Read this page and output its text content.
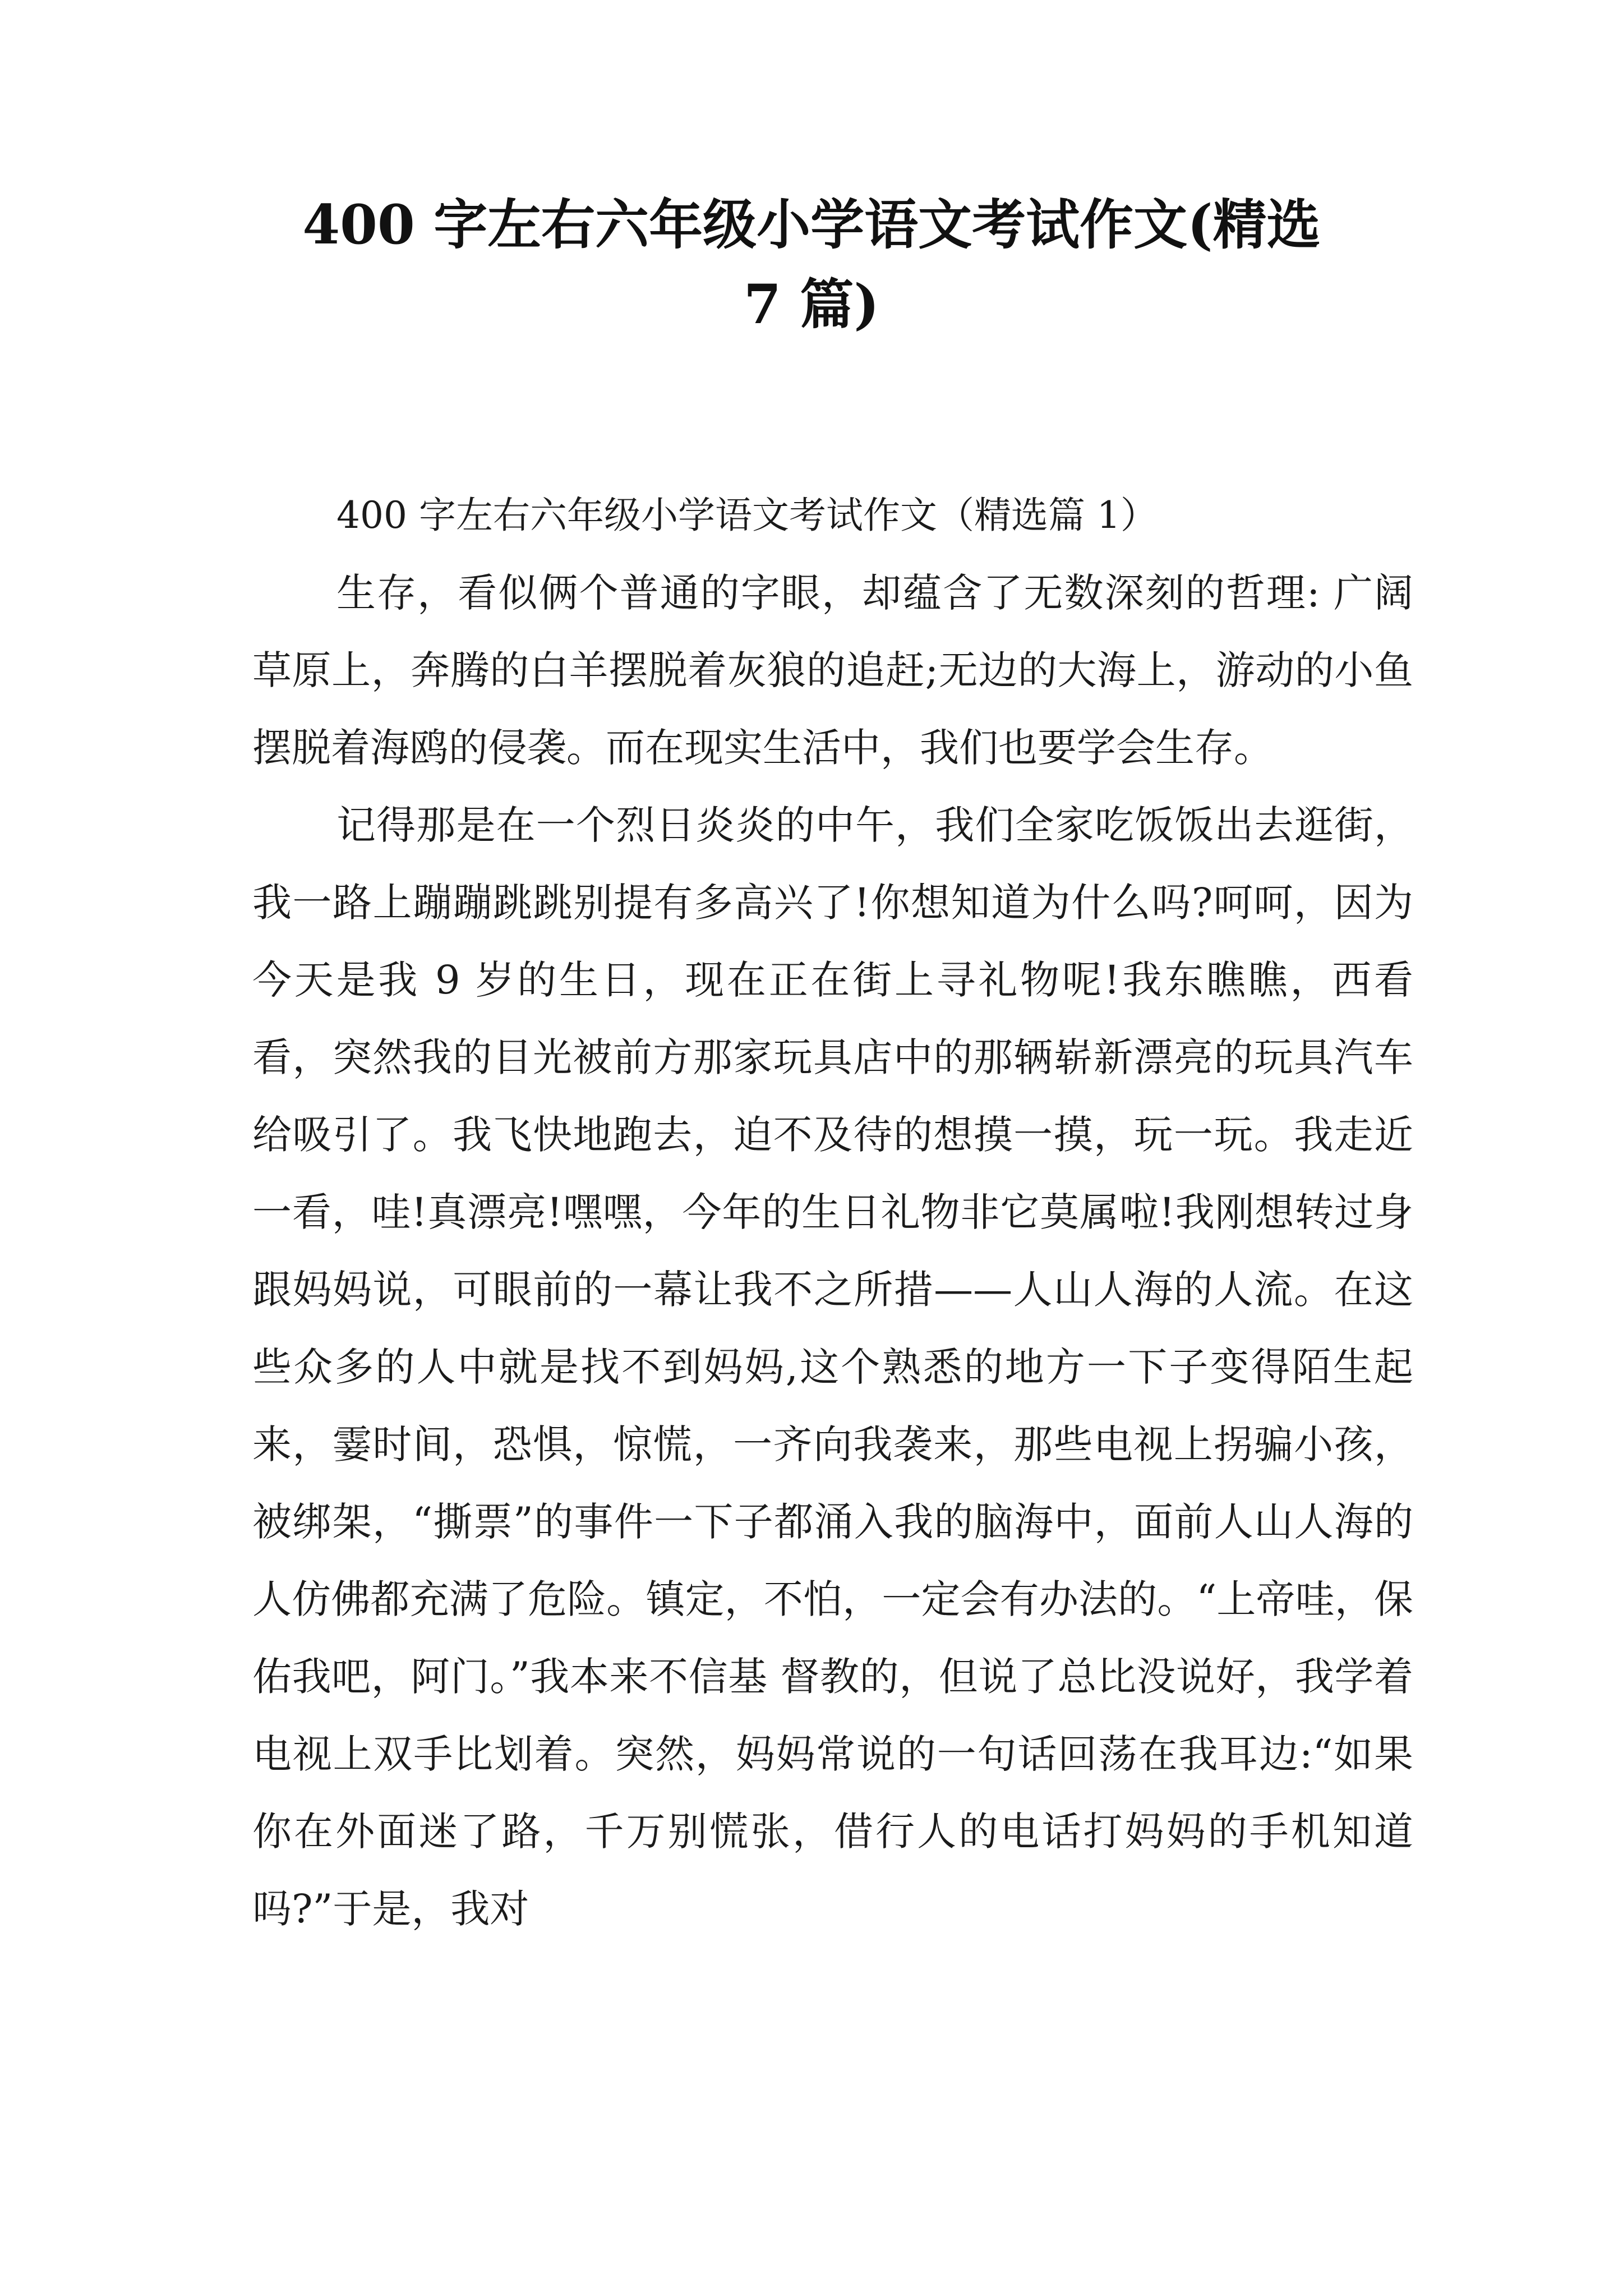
400 字左右六年级小学语文考试作文(精选
7 篇)

400 字左右六年级小学语文考试作文（精选篇 1）

生存，看似俩个普通的字眼，却蕴含了无数深刻的哲理: 广阔草原上，奔腾的白羊摆脱着灰狼的追赶;无边的大海上，游动的小鱼摆脱着海鸥的侵袭。而在现实生活中，我们也要学会生存。

记得那是在一个烈日炎炎的中午，我们全家吃饭饭出去逛街，我一路上蹦蹦跳跳别提有多高兴了!你想知道为什么吗?呵呵，因为今天是我 9 岁的生日，现在正在街上寻礼物呢!我东瞧瞧，西看看，突然我的目光被前方那家玩具店中的那辆崭新漂亮的玩具汽车给吸引了。我飞快地跑去，迫不及待的想摸一摸，玩一玩。我走近一看，哇!真漂亮!嘿嘿，今年的生日礼物非它莫属啦!我刚想转过身跟妈妈说，可眼前的一幕让我不之所措——人山人海的人流。在这些众多的人中就是找不到妈妈,这个熟悉的地方一下子变得陌生起来，霎时间，恐惧，惊慌，一齐向我袭来，那些电视上拐骗小孩，被绑架，“撕票”的事件一下子都涌入我的脑海中，面前人山人海的人仿佛都充满了危险。镇定，不怕，一定会有办法的。“上帝哇，保佑我吧，阿门。”我本来不信基 督教的，但说了总比没说好，我学着电视上双手比划着。突然，妈妈常说的一句话回荡在我耳边:“如果你在外面迷了路，千万别慌张，借行人的电话打妈妈的手机知道吗?”于是，我对
